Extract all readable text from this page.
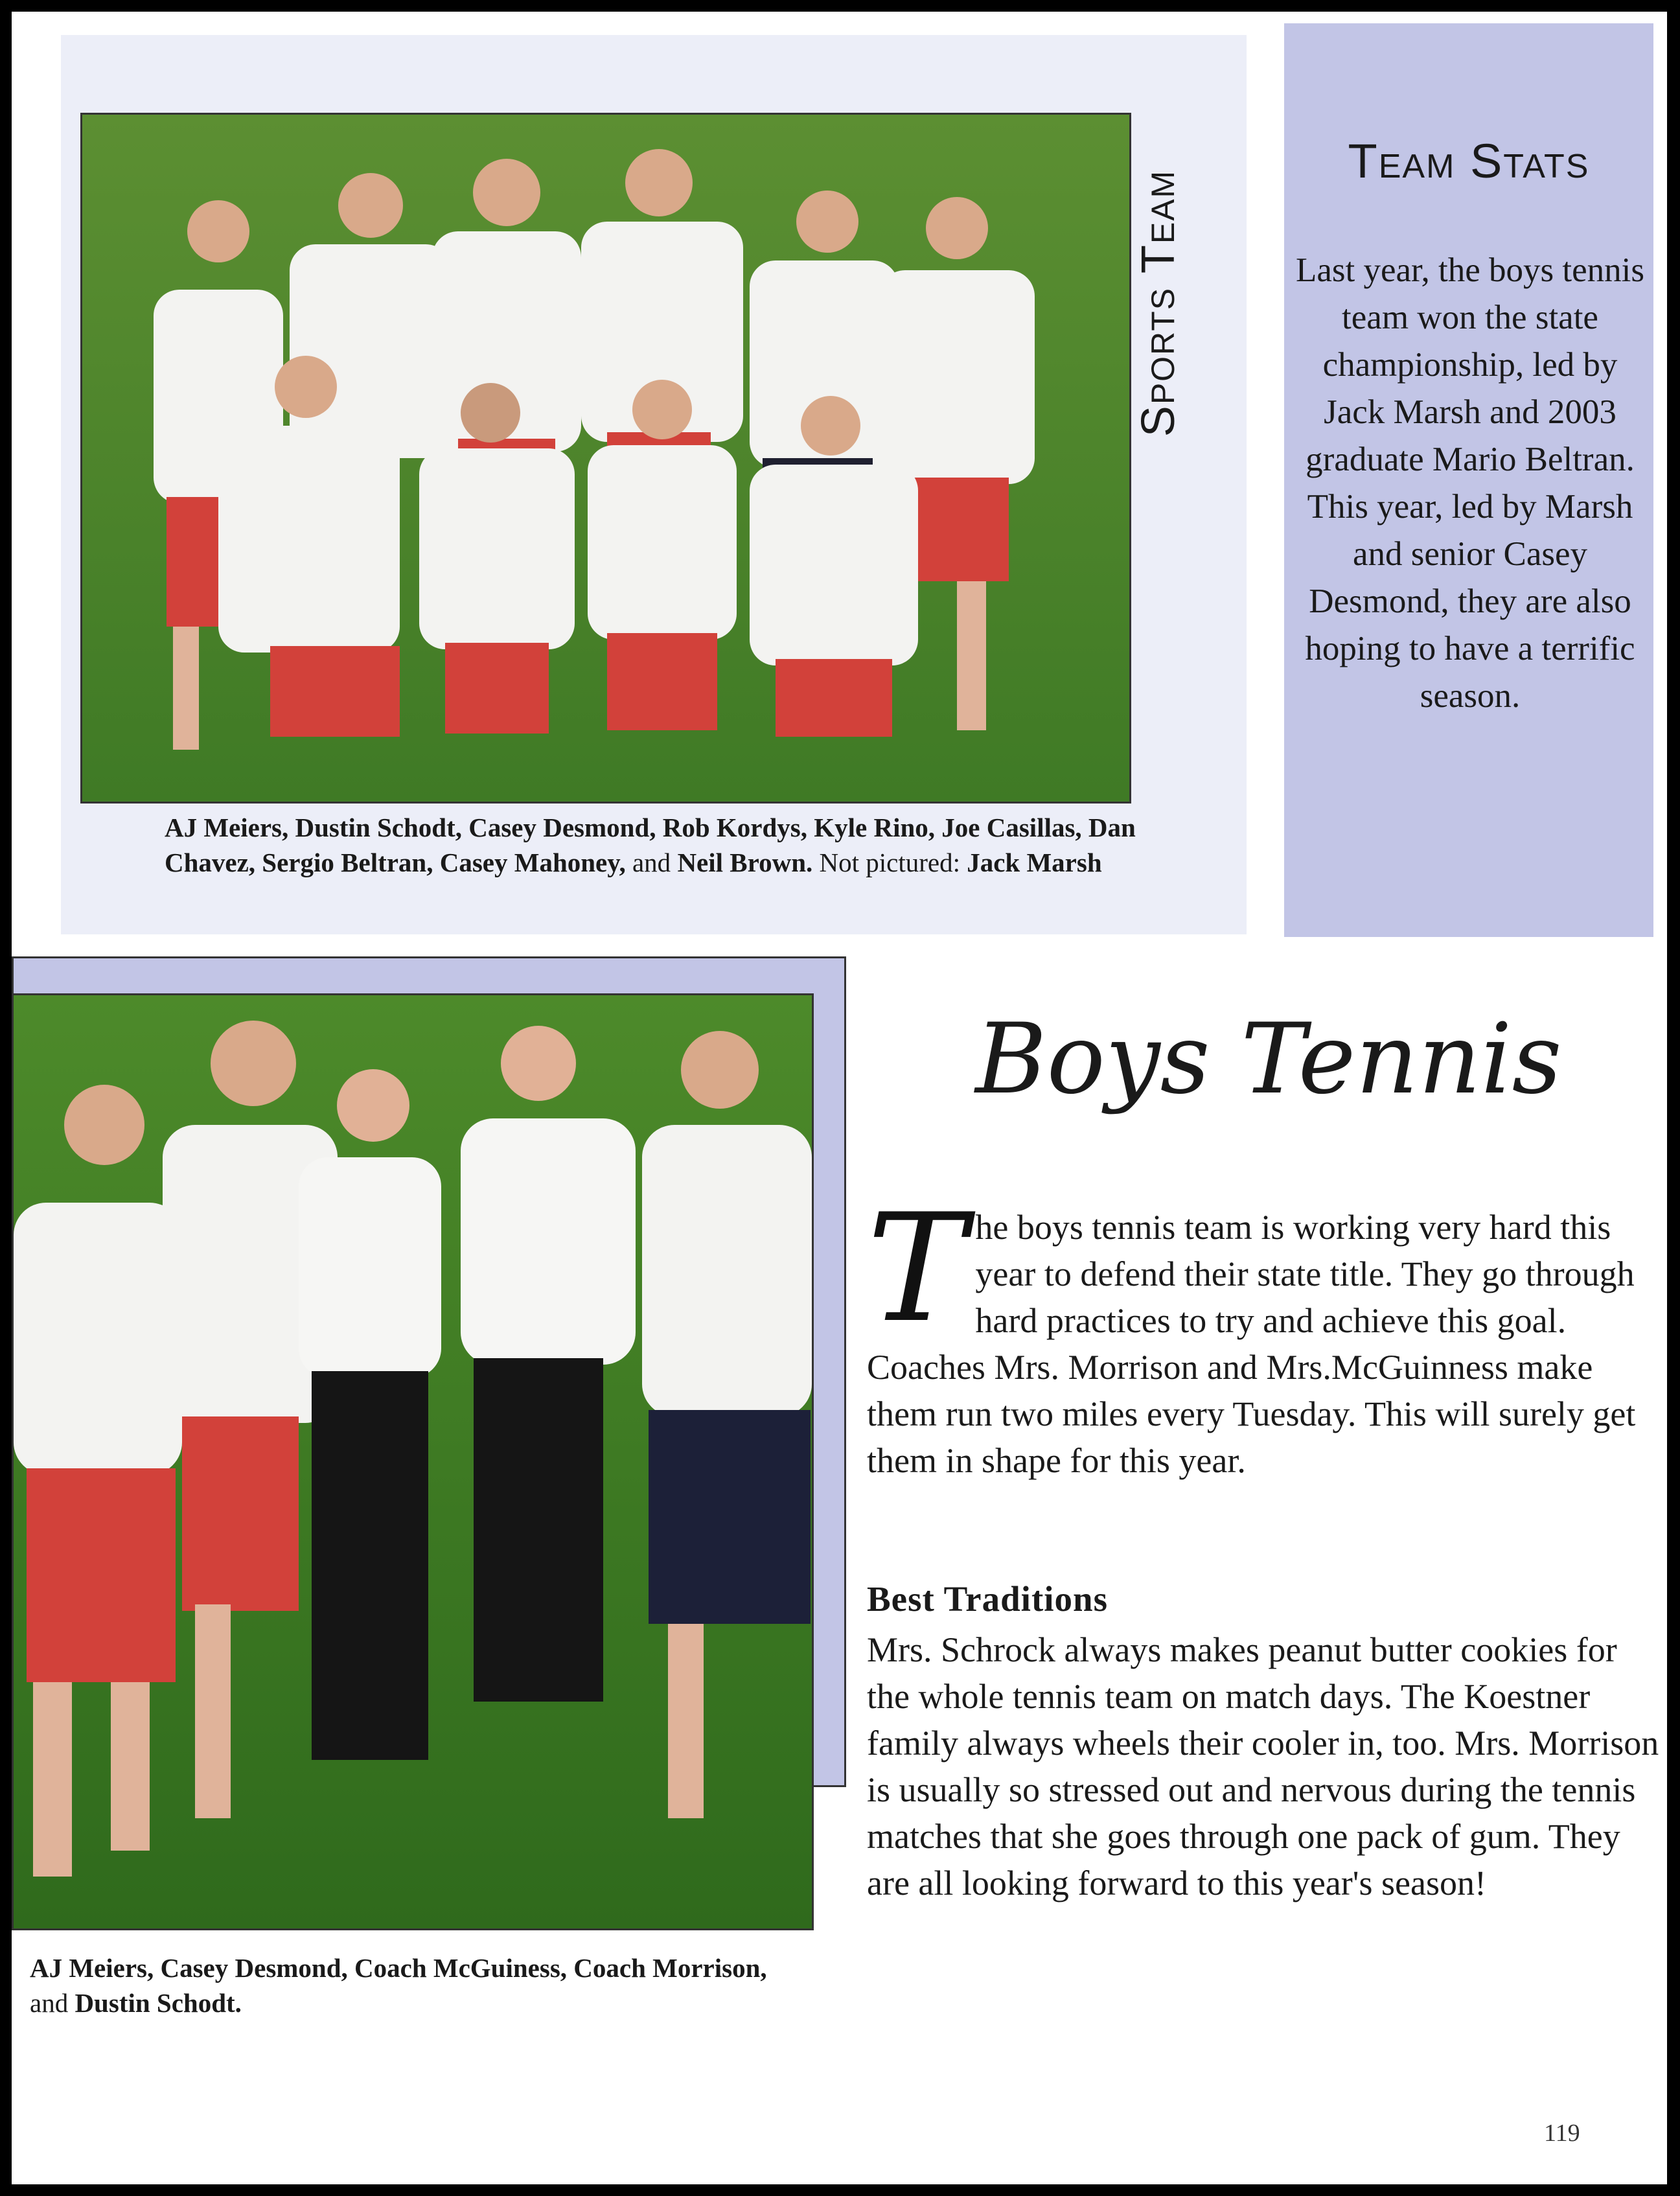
Sports Team
AJ Meiers, Dustin Schodt, Casey Desmond, Rob Kordys, Kyle Rino, Joe Casillas, Dan Chavez, Sergio Beltran, Casey Mahoney, and Neil Brown. Not pictured: Jack Marsh
Team Stats
Last year, the boys tennis team won the state championship, led by Jack Marsh and 2003 graduate Mario Beltran. This year, led by Marsh and senior Casey Desmond, they are also hoping to have a terrific season.
AJ Meiers, Casey Desmond, Coach McGuiness, Coach Morrison, and Dustin Schodt.
Boys Tennis
T he boys tennis team is working very hard this year to defend their state title. They go through hard practices to try and achieve this goal. Coaches Mrs. Morrison and Mrs.McGuinness make them run two miles every Tuesday. This will surely get them in shape for this year.
Best Traditions
Mrs. Schrock always makes peanut butter cookies for the whole tennis team on match days. The Koestner family always wheels their cooler in, too. Mrs. Morrison is usually so stressed out and nervous during the tennis matches that she goes through one pack of gum. They are all looking forward to this year's season!
119
